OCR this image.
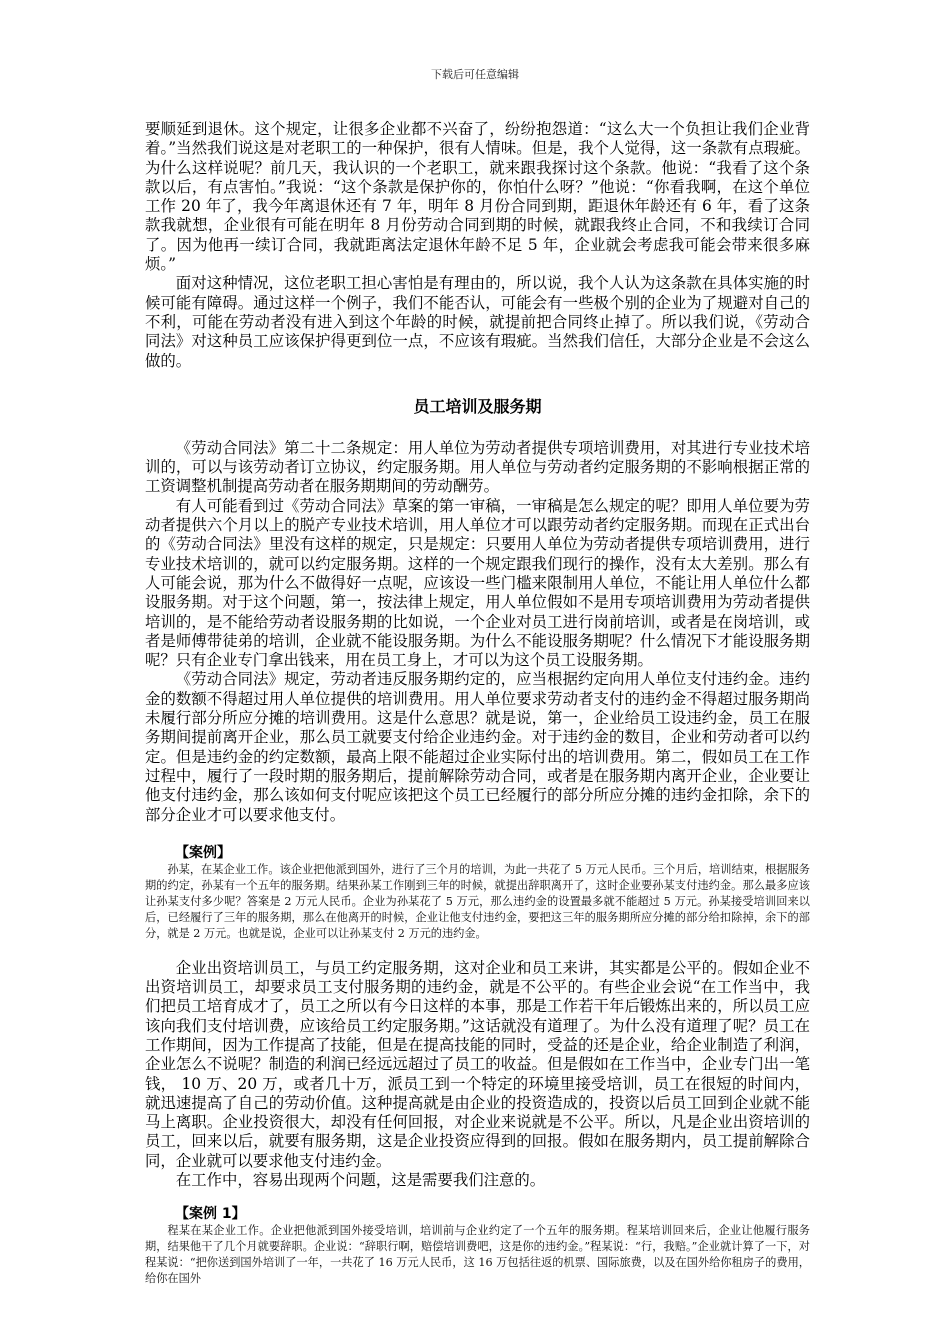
下载后可任意编辑

要顺延到退休。这个规定，让很多企业都不兴奋了，纷纷抱怨道：“这么大一个负担让我们企业背着。”当然我们说这是对老职工的一种保护，很有人情味。但是，我个人觉得，这一条款有点瑕疵。为什么这样说呢？前几天，我认识的一个老职工，就来跟我探讨这个条款。他说：“我看了这个条款以后，有点害怕。”我说：“这个条款是保护你的，你怕什么呀？”他说：“你看我啊，在这个单位工作 20 年了，我今年离退休还有 7 年，明年 8 月份合同到期，距退休年龄还有 6 年，看了这条款我就想，企业很有可能在明年 8 月份劳动合同到期的时候，就跟我终止合同，不和我续订合同了。因为他再一续订合同，我就距离法定退休年龄不足 5 年，企业就会考虑我可能会带来很多麻烦。”

面对这种情况，这位老职工担心害怕是有理由的，所以说，我个人认为这条款在具体实施的时候可能有障碍。通过这样一个例子，我们不能否认，可能会有一些极个别的企业为了规避对自己的不利，可能在劳动者没有进入到这个年龄的时候，就提前把合同终止掉了。所以我们说，《劳动合同法》对这种员工应该保护得更到位一点，不应该有瑕疵。当然我们信任，大部分企业是不会这么做的。

员工培训及服务期

《劳动合同法》第二十二条规定：用人单位为劳动者提供专项培训费用，对其进行专业技术培训的，可以与该劳动者订立协议，约定服务期。用人单位与劳动者约定服务期的不影响根据正常的工资调整机制提高劳动者在服务期期间的劳动酬劳。

有人可能看到过《劳动合同法》草案的第一审稿，一审稿是怎么规定的呢？即用人单位要为劳动者提供六个月以上的脱产专业技术培训，用人单位才可以跟劳动者约定服务期。而现在正式出台的《劳动合同法》里没有这样的规定，只是规定：只要用人单位为劳动者提供专项培训费用，进行专业技术培训的，就可以约定服务期。这样的一个规定跟我们现行的操作，没有太大差别。那么有人可能会说，那为什么不做得好一点呢，应该设一些门槛来限制用人单位，不能让用人单位什么都设服务期。对于这个问题，第一，按法律上规定，用人单位假如不是用专项培训费用为劳动者提供培训的，是不能给劳动者设服务期的比如说，一个企业对员工进行岗前培训，或者是在岗培训，或者是师傅带徒弟的培训，企业就不能设服务期。为什么不能设服务期呢？什么情况下才能设服务期呢？只有企业专门拿出钱来，用在员工身上，才可以为这个员工设服务期。

《劳动合同法》规定，劳动者违反服务期约定的，应当根据约定向用人单位支付违约金。违约金的数额不得超过用人单位提供的培训费用。用人单位要求劳动者支付的违约金不得超过服务期尚未履行部分所应分摊的培训费用。这是什么意思？就是说，第一，企业给员工设违约金，员工在服务期间提前离开企业，那么员工就要支付给企业违约金。对于违约金的数目，企业和劳动者可以约定。但是违约金的约定数额，最高上限不能超过企业实际付出的培训费用。第二，假如员工在工作过程中，履行了一段时期的服务期后，提前解除劳动合同，或者是在服务期内离开企业，企业要让他支付违约金，那么该如何支付呢应该把这个员工已经履行的部分所应分摊的违约金扣除，余下的部分企业才可以要求他支付。

【案例】

孙某，在某企业工作。该企业把他派到国外，进行了三个月的培训，为此一共花了 5 万元人民币。三个月后，培训结束，根据服务期的约定，孙某有一个五年的服务期。结果孙某工作刚到三年的时候，就提出辞职离开了，这时企业要孙某支付违约金。那么最多应该让孙某支付多少呢？答案是 2 万元人民币。企业为孙某花了 5 万元，那么违约金的设置最多就不能超过 5 万元。孙某接受培训回来以后，已经履行了三年的服务期，那么在他离开的时候，企业让他支付违约金，要把这三年的服务期所应分摊的部分给扣除掉，余下的部分，就是 2 万元。也就是说，企业可以让孙某支付 2 万元的违约金。

企业出资培训员工，与员工约定服务期，这对企业和员工来讲，其实都是公平的。假如企业不出资培训员工，却要求员工支付服务期的违约金，就是不公平的。有些企业会说“在工作当中，我们把员工培育成才了，员工之所以有今日这样的本事，那是工作若干年后锻炼出来的，所以员工应该向我们支付培训费，应该给员工约定服务期。”这话就没有道理了。为什么没有道理了呢？员工在工作期间，因为工作提高了技能，但是在提高技能的同时，受益的还是企业，给企业制造了利润，企业怎么不说呢？制造的利润已经远远超过了员工的收益。但是假如在工作当中，企业专门出一笔钱， 10 万、20 万，或者几十万，派员工到一个特定的环境里接受培训，员工在很短的时间内，就迅速提高了自己的劳动价值。这种提高就是由企业的投资造成的，投资以后员工回到企业就不能马上离职。企业投资很大，却没有任何回报，对企业来说就是不公平。所以，凡是企业出资培训的员工，回来以后，就要有服务期，这是企业投资应得到的回报。假如在服务期内，员工提前解除合同，企业就可以要求他支付违约金。

在工作中，容易出现两个问题，这是需要我们注意的。

【案例 1】

程某在某企业工作。企业把他派到国外接受培训，培训前与企业约定了一个五年的服务期。程某培训回来后，企业让他履行服务期，结果他干了几个月就要辞职。企业说：“辞职行啊，赔偿培训费吧，这是你的违约金。”程某说：“行，我赔。”企业就计算了一下，对程某说：“把你送到国外培训了一年，一共花了 16 万元人民币，这 16 万包括往返的机票、国际旅费，以及在国外给你租房子的费用，给你在国外
